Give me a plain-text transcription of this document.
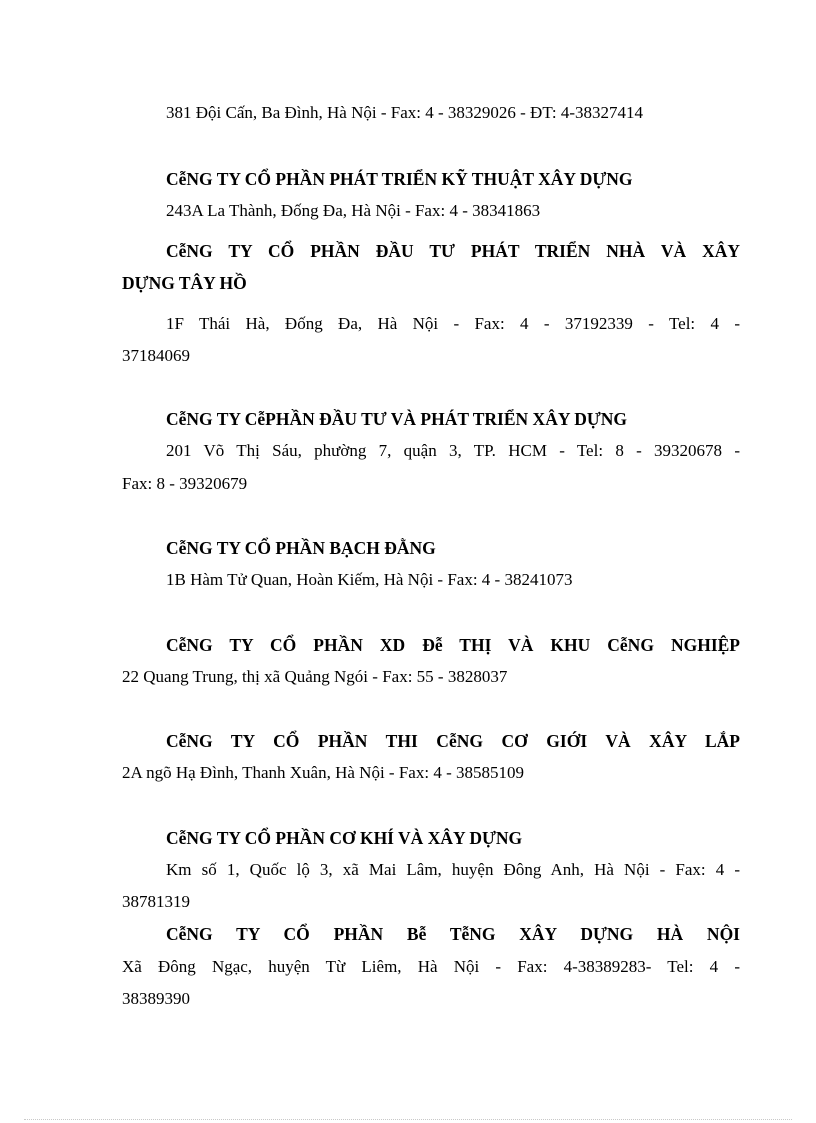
381 Đội Cấn, Ba Đình, Hà Nội - Fax: 4 - 38329026 - ĐT: 4-38327414
CễNG TY CỔ PHẦN PHÁT TRIỂN KỸ THUẬT XÂY DỰNG
243A La Thành, Đống Đa, Hà Nội - Fax: 4 - 38341863
CễNG TY CỔ PHẦN ĐẦU TƯ PHÁT TRIỂN NHÀ VÀ XÂY
DỰNG TÂY HỒ
1F Thái Hà, Đống Đa, Hà Nội - Fax: 4 - 37192339 - Tel: 4 -
37184069
CễNG TY CễPHẦN ĐẦU TƯ VÀ PHÁT TRIỂN XÂY DỰNG
201 Võ Thị Sáu, phường 7, quận 3, TP. HCM - Tel: 8 - 39320678 -
Fax: 8 - 39320679
CễNG TY CỔ PHẦN BẠCH ĐẰNG
1B Hàm Tử Quan, Hoàn Kiếm, Hà Nội - Fax: 4 - 38241073
CễNG TY CỔ PHẦN XD Đễ THỊ VÀ KHU CễNG NGHIỆP
22 Quang Trung, thị xã Quảng Ngói - Fax: 55 - 3828037
CễNG TY CỔ PHẦN THI CễNG CƠ GIỚI VÀ XÂY LẮP
2A ngõ Hạ Đình, Thanh Xuân, Hà Nội - Fax: 4 - 38585109
CễNG TY CỔ PHẦN CƠ KHÍ VÀ XÂY DỰNG
Km số 1, Quốc lộ 3, xã Mai Lâm, huyện Đông Anh, Hà Nội - Fax: 4 -
38781319
CễNG TY CỔ PHẦN Bễ TễNG XÂY DỰNG HÀ NỘI
Xã Đông Ngạc, huyện Từ Liêm, Hà Nội - Fax: 4-38389283- Tel: 4 -
38389390
